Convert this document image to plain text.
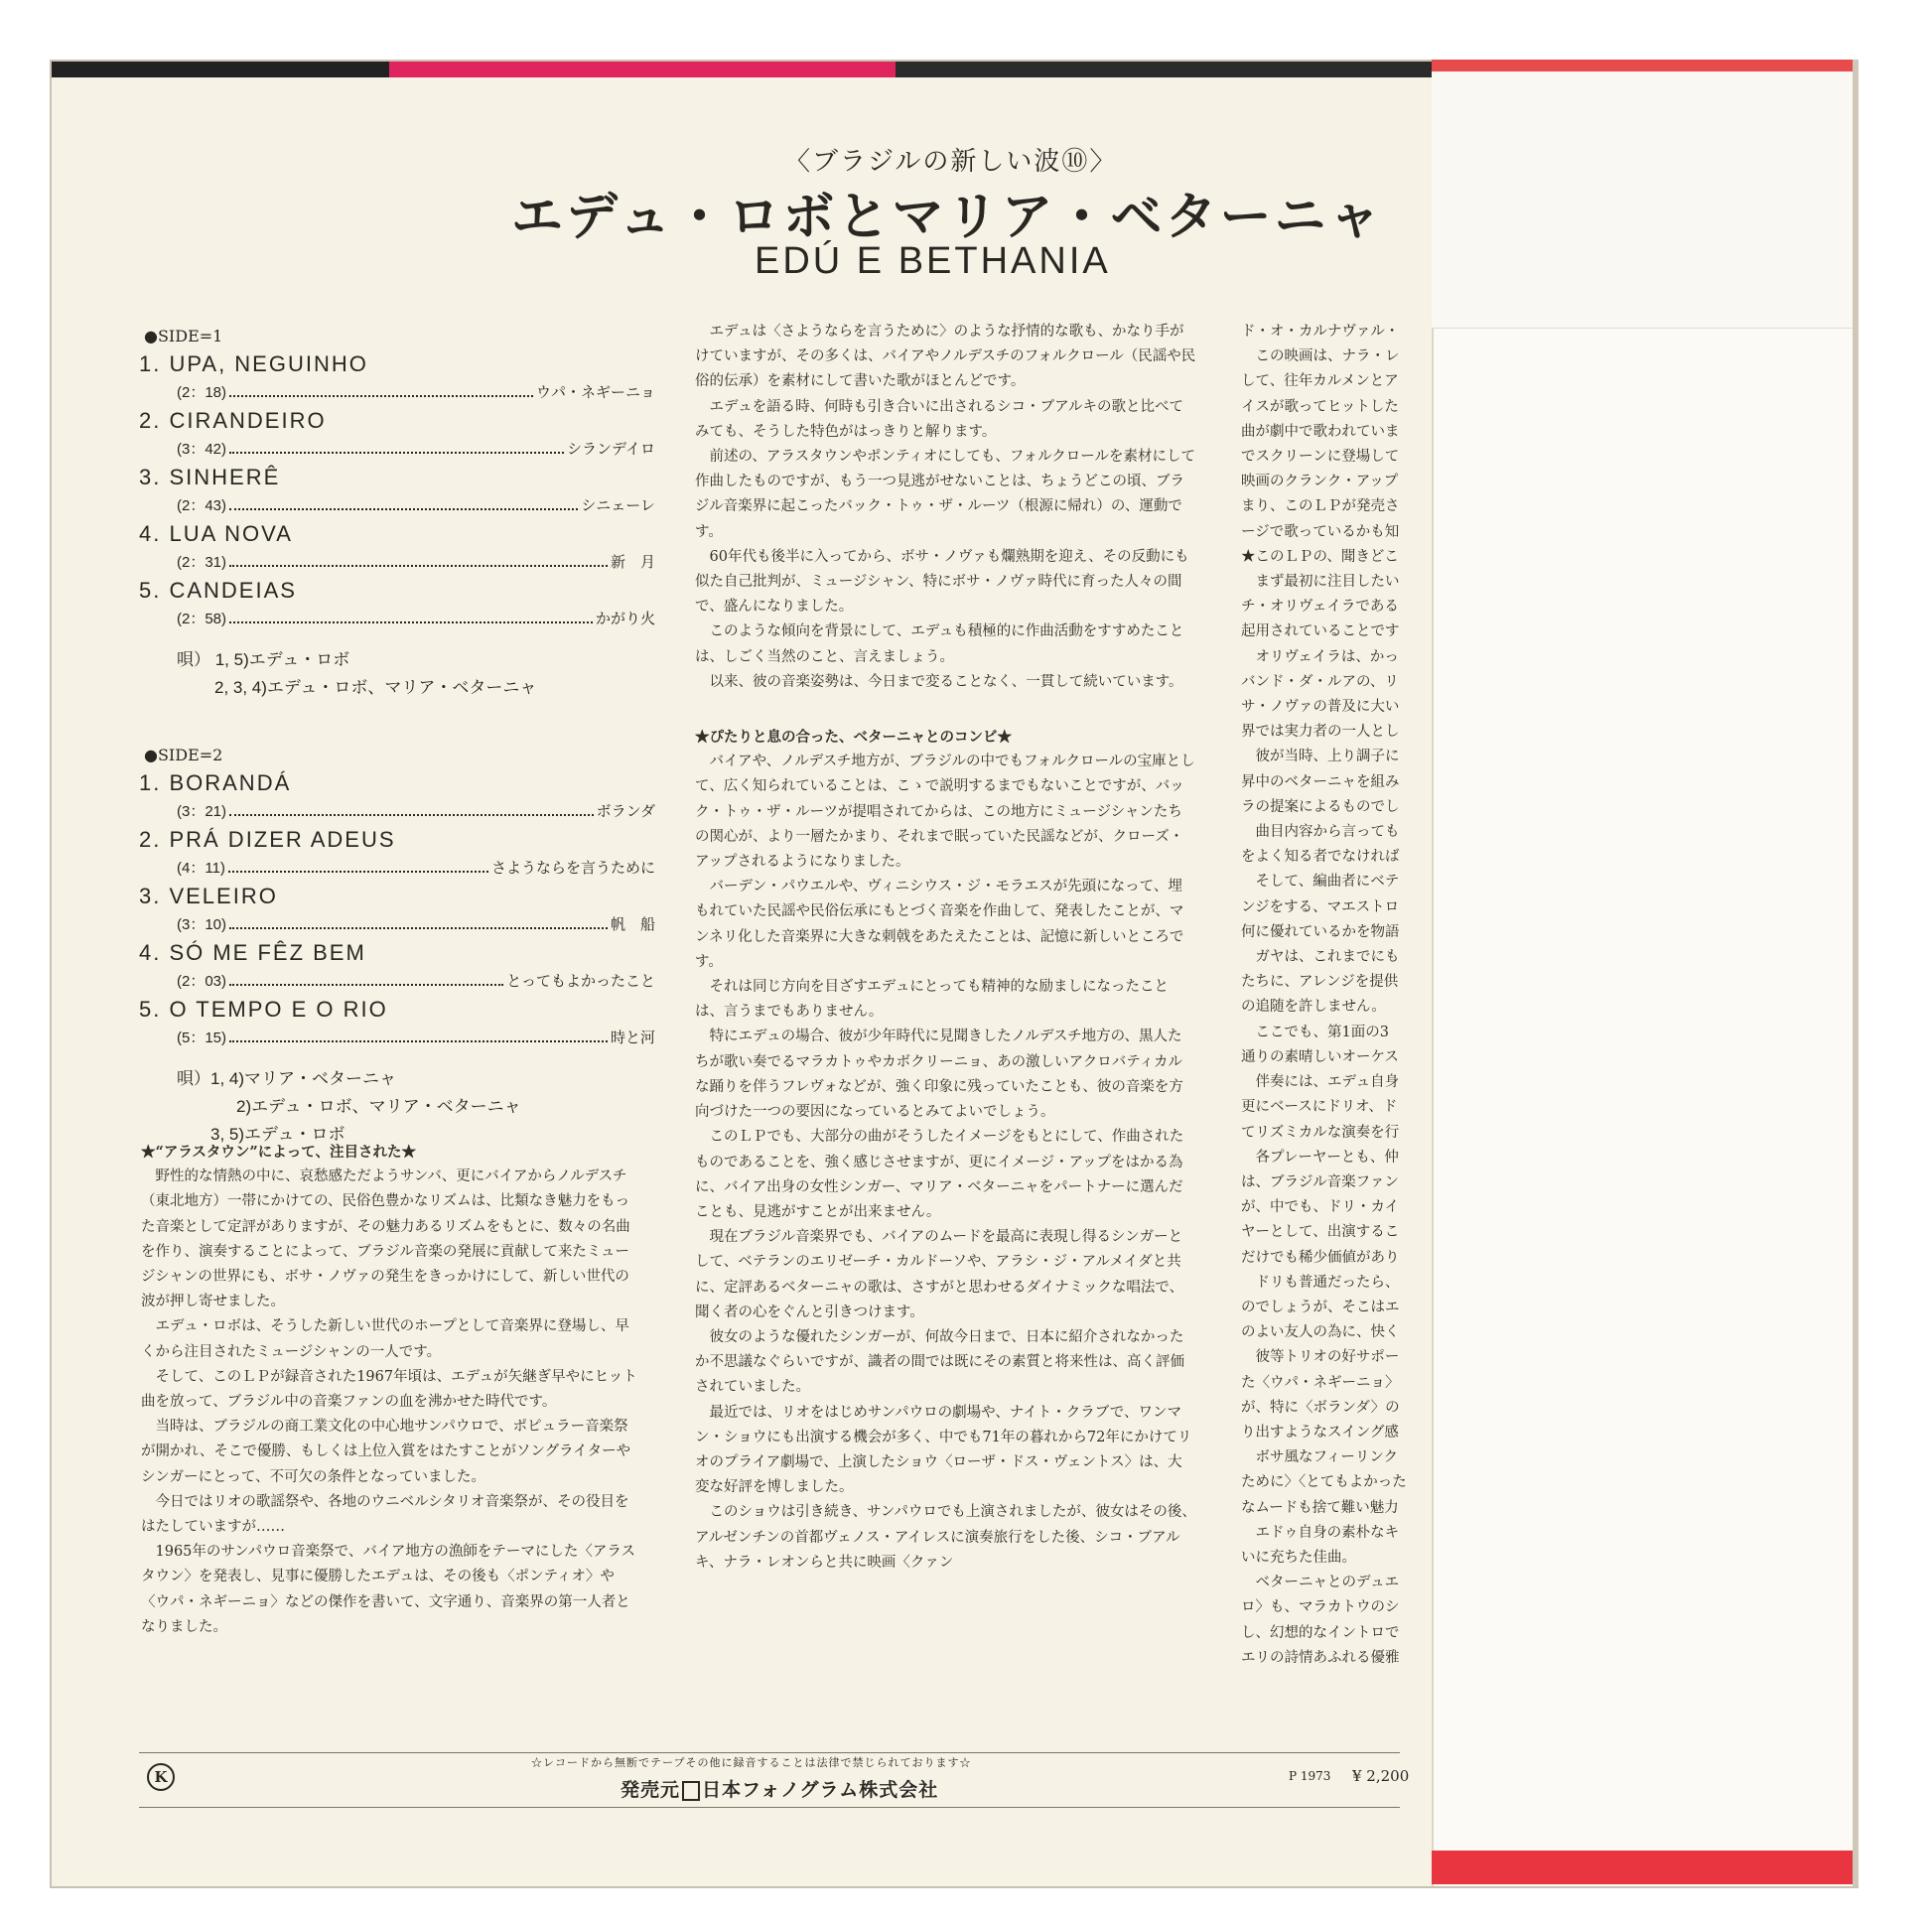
〈ブラジルの新しい波⑩〉
エデュ・ロボとマリア・ベターニャ
EDÚ E BETHANIA
●SIDE=1
1. UPA, NEGUINHO
(2：18)	ウパ・ネギーニョ
2. CIRANDEIRO
(3：42)	シランデイロ
3. SINHERÊ
(2：43)	シニェーレ
4. LUA NOVA
(2：31)	新　月
5. CANDEIAS
(2：58)	かがり火
唄） 1, 5)エデュ・ロボ
2, 3, 4)エデュ・ロボ、マリア・ベターニャ
●SIDE=2
1. BORANDÁ
(3：21)	ボランダ
2. PRÁ DIZER ADEUS
(4：11)	さようならを言うために
3. VELEIRO
(3：10)	帆　船
4. SÓ ME FÊZ BEM
(2：03)	とってもよかったこと
5. O TEMPO E O RIO
(5：15)	時と河
唄）1, 4)マリア・ベターニャ
2)エデュ・ロボ、マリア・ベターニャ
3, 5)エデュ・ロボ

★“アラスタウン”によって、注目された★

野性的な情熱の中に、哀愁感ただようサンバ、更にバイアからノルデスチ（東北地方）一帯にかけての、民俗色豊かなリズムは、比類なき魅力をもった音楽として定評がありますが、その魅力あるリズムをもとに、数々の名曲を作り、演奏することによって、ブラジル音楽の発展に貢献して来たミュージシャンの世界にも、ボサ・ノヴァの発生をきっかけにして、新しい世代の波が押し寄せました。

エデュ・ロボは、そうした新しい世代のホープとして音楽界に登場し、早くから注目されたミュージシャンの一人です。

そして、このＬＰが録音された1967年頃は、エデュが矢継ぎ早やにヒット曲を放って、ブラジル中の音楽ファンの血を沸かせた時代です。

当時は、ブラジルの商工業文化の中心地サンパウロで、ポピュラー音楽祭が開かれ、そこで優勝、もしくは上位入賞をはたすことがソングライターやシンガーにとって、不可欠の条件となっていました。

今日ではリオの歌謡祭や、各地のウニベルシタリオ音楽祭が、その役目をはたしていますが……

1965年のサンパウロ音楽祭で、バイア地方の漁師をテーマにした〈アラスタウン〉を発表し、見事に優勝したエデュは、その後も〈ポンティオ〉や〈ウパ・ネギーニョ〉などの傑作を書いて、文字通り、音楽界の第一人者となりました。

エデュは〈さようならを言うために〉のような抒情的な歌も、かなり手がけていますが、その多くは、バイアやノルデスチのフォルクロール（民謡や民俗的伝承）を素材にして書いた歌がほとんどです。

エデュを語る時、何時も引き合いに出されるシコ・ブアルキの歌と比べてみても、そうした特色がはっきりと解ります。

前述の、アラスタウンやポンティオにしても、フォルクロールを素材にして作曲したものですが、もう一つ見逃がせないことは、ちょうどこの頃、ブラジル音楽界に起こったバック・トゥ・ザ・ルーツ（根源に帰れ）の、運動です。

60年代も後半に入ってから、ボサ・ノヴァも爛熟期を迎え、その反動にも似た自己批判が、ミュージシャン、特にボサ・ノヴァ時代に育った人々の間で、盛んになりました。

このような傾向を背景にして、エデュも積極的に作曲活動をすすめたことは、しごく当然のこと、言えましょう。

以来、彼の音楽姿勢は、今日まで変ることなく、一貫して続いています。

★ぴたりと息の合った、ベターニャとのコンビ★

バイアや、ノルデスチ地方が、ブラジルの中でもフォルクロールの宝庫として、広く知られていることは、こゝで説明するまでもないことですが、バック・トゥ・ザ・ルーツが提唱されてからは、この地方にミュージシャンたちの関心が、より一層たかまり、それまで眠っていた民謡などが、クローズ・アップされるようになりました。

バーデン・パウエルや、ヴィニシウス・ジ・モラエスが先頭になって、埋もれていた民謡や民俗伝承にもとづく音楽を作曲して、発表したことが、マンネリ化した音楽界に大きな刺戟をあたえたことは、記憶に新しいところです。

それは同じ方向を目ざすエデュにとっても精神的な励ましになったことは、言うまでもありません。

特にエデュの場合、彼が少年時代に見聞きしたノルデスチ地方の、黒人たちが歌い奏でるマラカトゥやカボクリーニョ、あの激しいアクロバティカルな踊りを伴うフレヴォなどが、強く印象に残っていたことも、彼の音楽を方向づけた一つの要因になっているとみてよいでしょう。

このＬＰでも、大部分の曲がそうしたイメージをもとにして、作曲されたものであることを、強く感じさせますが、更にイメージ・アップをはかる為に、バイア出身の女性シンガー、マリア・ベターニャをパートナーに選んだことも、見逃がすことが出来ません。

現在ブラジル音楽界でも、バイアのムードを最高に表現し得るシンガーとして、ベテランのエリゼーチ・カルドーソや、アラシ・ジ・アルメイダと共に、定評あるベターニャの歌は、さすがと思わせるダイナミックな唱法で、聞く者の心をぐんと引きつけます。

彼女のような優れたシンガーが、何故今日まで、日本に紹介されなかったか不思議なぐらいですが、識者の間では既にその素質と将来性は、高く評価されていました。

最近では、リオをはじめサンパウロの劇場や、ナイト・クラブで、ワンマン・ショウにも出演する機会が多く、中でも71年の暮れから72年にかけてリオのプライア劇場で、上演したショウ〈ローザ・ドス・ヴェントス〉は、大変な好評を博しました。

このショウは引き続き、サンパウロでも上演されましたが、彼女はその後、アルゼンチンの首都ヴェノス・アイレスに演奏旅行をした後、シコ・ブアルキ、ナラ・レオンらと共に映画〈クァン

ド・オ・カルナヴァル・
　この映画は、ナラ・レ
して、往年カルメンとア
イスが歌ってヒットした
曲が劇中で歌われていま
でスクリーンに登場して
映画のクランク・アップ
まり、このＬＰが発売さ
ージで歌っているかも知
★このＬＰの、聞きどこ
　まず最初に注目したい
チ・オリヴェイラである
起用されていることです
　オリヴェイラは、かっ
バンド・ダ・ルアの、リ
サ・ノヴァの普及に大い
界では実力者の一人とし
　彼が当時、上り調子に
昇中のベターニャを組み
ラの提案によるものでし
　曲目内容から言っても
をよく知る者でなければ
　そして、編曲者にベテ
ンジをする、マエストロ
何に優れているかを物語
　ガヤは、これまでにも
たちに、アレンジを提供
の追随を許しません。
　ここでも、第1面の3
通りの素晴しいオーケス
　伴奏には、エデュ自身
更にベースにドリオ、ド
てリズミカルな演奏を行
　各プレーヤーとも、仲
は、ブラジル音楽ファン
が、中でも、ドリ・カイ
ヤーとして、出演するこ
だけでも稀少価値があり
　ドリも普通だったら、
のでしょうが、そこはエ
のよい友人の為に、快く
　彼等トリオの好サポー
た〈ウパ・ネギーニョ〉
が、特に〈ボランダ〉の
り出すようなスイング感
　ボサ風なフィーリンク
ために〉〈とてもよかった
なムードも捨て難い魅力
　エドゥ自身の素朴なキ
いに充ちた佳曲。
　ベターニャとのデュエ
ロ〉も、マラカトウのシ
し、幻想的なイントロで
エリの詩情あふれる優雅
☆レコードから無断でテープその他に録音することは法律で禁じられております☆
K
発売元 日本フォノグラム株式会社
P 1973 ¥ 2,200
